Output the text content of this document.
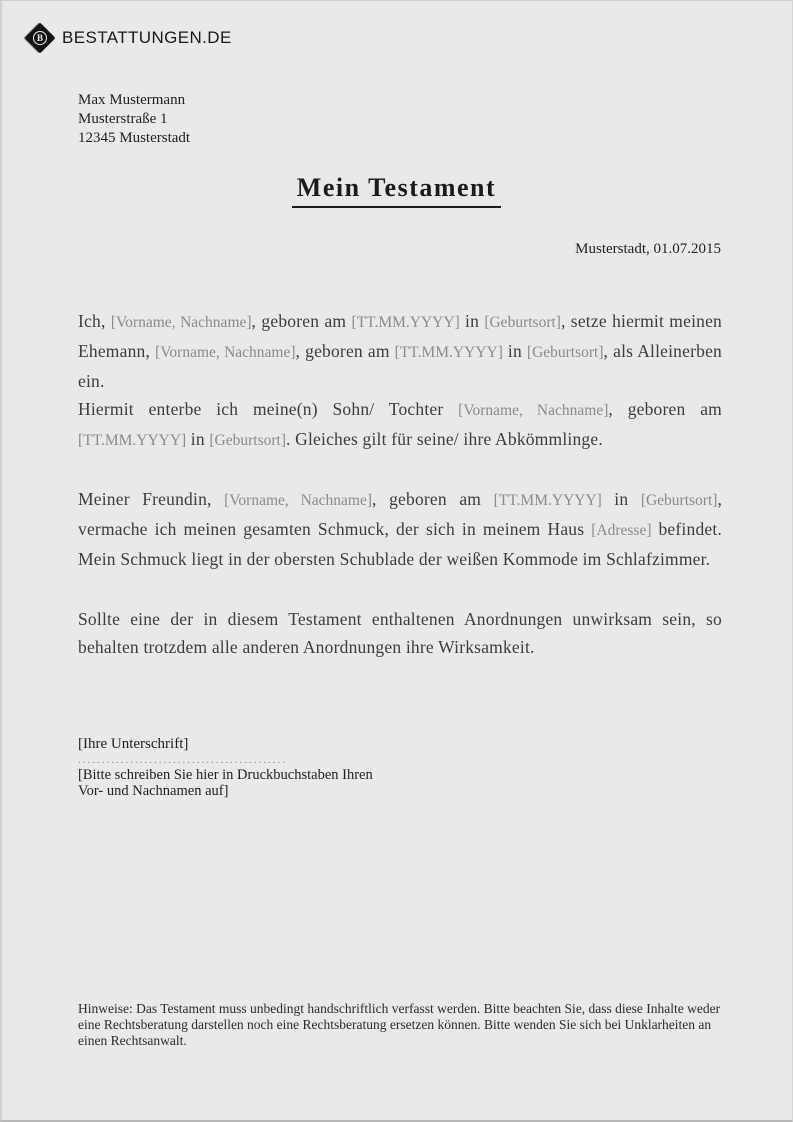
B BESTATTUNGEN.DE
Max Mustermann
Musterstraße 1
12345 Musterstadt
Mein Testament
Musterstadt, 01.07.2015

Ich, [Vorname, Nachname], geboren am [TT.MM.YYYY] in [Geburtsort], setze hiermit meinen Ehemann, [Vorname, Nachname], geboren am [TT.MM.YYYY] in [Geburtsort], als Alleinerben ein.

Hiermit enterbe ich meine(n) Sohn/ Tochter [Vorname, Nachname], geboren am [TT.MM.YYYY] in [Geburtsort]. Gleiches gilt für seine/ ihre Abkömmlinge.

Meiner Freundin, [Vorname, Nachname], geboren am [TT.MM.YYYY] in [Geburtsort], vermache ich meinen gesamten Schmuck, der sich in meinem Haus [Adresse] befindet. Mein Schmuck liegt in der obersten Schublade der weißen Kommode im Schlafzimmer.

Sollte eine der in diesem Testament enthaltenen Anordnungen unwirksam sein, so behalten trotzdem alle anderen Anordnungen ihre Wirksamkeit.

[Ihre Unterschrift]
............................................
[Bitte schreiben Sie hier in Druckbuchstaben Ihren
Vor- und Nachnamen auf]
Hinweise: Das Testament muss unbedingt handschriftlich verfasst werden. Bitte beachten Sie, dass diese Inhalte weder eine Rechtsberatung darstellen noch eine Rechtsberatung ersetzen können. Bitte wenden Sie sich bei Unklarheiten an einen Rechtsanwalt.
